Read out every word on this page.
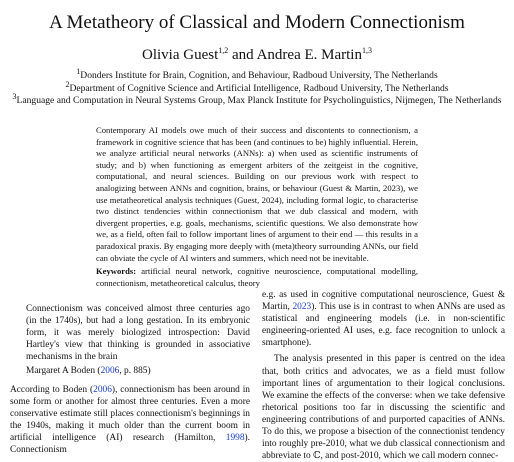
A Metatheory of Classical and Modern Connectionism
Olivia Guest$^{1,2}$ and Andrea E. Martin$^{1,3}$
$^1$Donders Institute for Brain, Cognition, and Behaviour, Radboud University, The Netherlands
$^2$Department of Cognitive Science and Artificial Intelligence, Radboud University, The Netherlands
$^3$Language and Computation in Neural Systems Group, Max Planck Institute for Psycholinguistics, Nijmegen, The Netherlands

Contemporary AI models owe much of their success and discontents to connectionism, a framework in cognitive science that has been (and continues to be) highly influential. Herein, we analyze artificial neural networks (ANNs): a) when used as scientific instruments of study; and b) when functioning as emergent arbiters of the zeitgeist in the cognitive, computational, and neural sciences. Building on our previous work with respect to analogizing between ANNs and cognition, brains, or behaviour (Guest & Martin, 2023), we use metatheoretical analysis techniques (Guest, 2024), including formal logic, to characterise two distinct tendencies within connectionism that we dub classical and modern, with divergent properties, e.g. goals, mechanisms, scientific questions. We also demonstrate how we, as a field, often fail to follow important lines of argument to their end — this results in a paradoxical praxis. By engaging more deeply with (meta)theory surrounding ANNs, our field can obviate the cycle of AI winters and summers, which need not be inevitable.

Keywords: artificial neural network, cognitive neuroscience, computational modelling, connectionism, metatheoretical calculus, theory

Connectionism was conceived almost three centuries ago (in the 1740s), but had a long gestation. In its embryonic form, it was merely biologized introspection: David Hartley's view that thinking is grounded in associative mechanisms in the brain

Margaret A Boden (2006, p. 885)

According to Boden (2006), connectionism has been around in some form or another for almost three centuries. Even a more conservative estimate still places connectionism's beginnings in the 1940s, making it much older than the current boom in artificial intelligence (AI) research (Hamilton, 1998). Connectionism

e.g. as used in cognitive computational neuroscience, Guest & Martin, 2023). This use is in contrast to when ANNs are used as statistical and engineering models (i.e. in non-scientific engineering-oriented AI uses, e.g. face recognition to unlock a smartphone).

The analysis presented in this paper is centred on the idea that, both critics and advocates, we as a field must follow important lines of argumentation to their logical conclusions. We examine the effects of the converse: when we take defensive rhetorical positions too far in discussing the scientific and engineering contributions of and purported capacities of ANNs. To do this, we propose a bisection of the connectionist tendency into roughly pre-2010, what we dub classical connectionism and abbreviate to ℂ, and post-2010, which we call modern connec-
